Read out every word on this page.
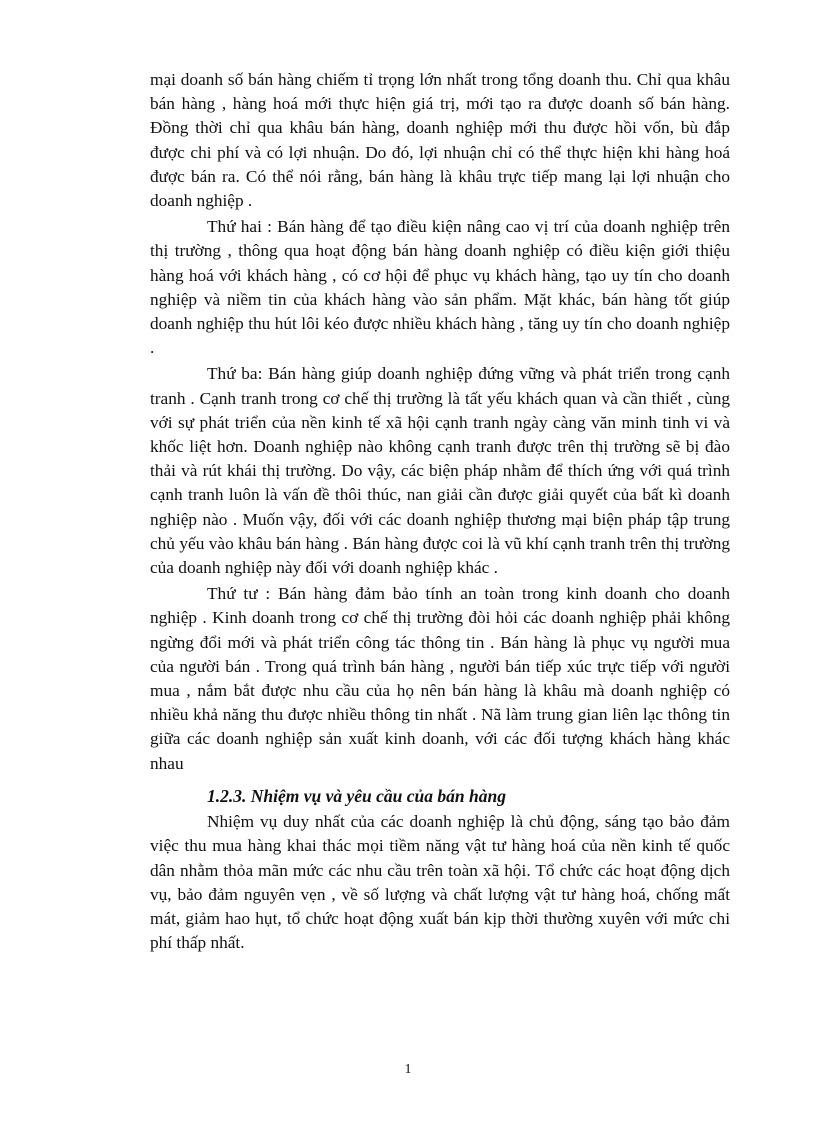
mại doanh số bán hàng chiếm tỉ trọng lớn nhất trong tổng doanh thu. Chỉ qua khâu bán hàng , hàng hoá mới thực hiện giá trị, mới tạo ra được doanh số bán hàng. Đồng thời chỉ qua khâu bán hàng, doanh nghiệp mới thu được hồi vốn, bù đắp được chi phí và có lợi nhuận. Do đó, lợi nhuận chỉ có thể thực hiện khi hàng hoá được bán ra. Có thể nói rằng, bán hàng là khâu trực tiếp mang lại lợi nhuận cho doanh nghiệp .

Thứ hai : Bán hàng để tạo điều kiện nâng cao vị trí của doanh nghiệp trên thị trường , thông qua hoạt động bán hàng doanh nghiệp có điều kiện giới thiệu hàng hoá với khách hàng , có cơ hội để phục vụ khách hàng, tạo uy tín cho doanh nghiệp và niềm tin của khách hàng vào sản phẩm. Mặt khác, bán hàng tốt giúp doanh nghiệp thu hút lôi kéo được nhiều khách hàng , tăng uy tín cho doanh nghiệp .

Thứ ba: Bán hàng giúp doanh nghiệp đứng vững và phát triển trong cạnh tranh . Cạnh tranh trong cơ chế thị trường là tất yếu khách quan và cần thiết , cùng với sự phát triển của nền kinh tế xã hội cạnh tranh ngày càng văn minh tinh vi và khốc liệt hơn. Doanh nghiệp nào không cạnh tranh được trên thị trường sẽ bị đào thải và rút khái thị trường. Do vậy, các biện pháp nhằm để thích ứng với quá trình cạnh tranh luôn là vấn đề thôi thúc, nan giải cần được giải quyết của bất kì doanh nghiệp nào . Muốn vậy, đối với các doanh nghiệp thương mại biện pháp tập trung chủ yếu vào khâu bán hàng . Bán hàng được coi là vũ khí cạnh tranh trên thị trường của doanh nghiệp này đối với doanh nghiệp khác .

Thứ tư : Bán hàng đảm bảo tính an toàn trong kinh doanh cho doanh nghiệp . Kinh doanh trong cơ chế thị trường đòi hỏi các doanh nghiệp phải không ngừng đổi mới và phát triển công tác thông tin . Bán hàng là phục vụ người mua của người bán . Trong quá trình bán hàng , người bán tiếp xúc trực tiếp với người mua , nắm bắt được nhu cầu của họ nên bán hàng là khâu mà doanh nghiệp có nhiều khả năng thu được nhiều thông tin nhất . Nã làm trung gian liên lạc thông tin giữa các doanh nghiệp sản xuất kinh doanh, với các đối tượng khách hàng khác nhau

1.2.3. Nhiệm vụ và yêu cầu của bán hàng

Nhiệm vụ duy nhất của các doanh nghiệp là chủ động, sáng tạo bảo đảm việc thu mua hàng khai thác mọi tiềm năng vật tư hàng hoá của nền kinh tế quốc dân nhằm thỏa mãn mức các nhu cầu trên toàn xã hội. Tổ chức các hoạt động dịch vụ, bảo đảm nguyên vẹn , về số lượng và chất lượng vật tư hàng hoá, chống mất mát, giảm hao hụt, tổ chức hoạt động xuất bán kịp thời thường xuyên với mức chi phí thấp nhất.

1
